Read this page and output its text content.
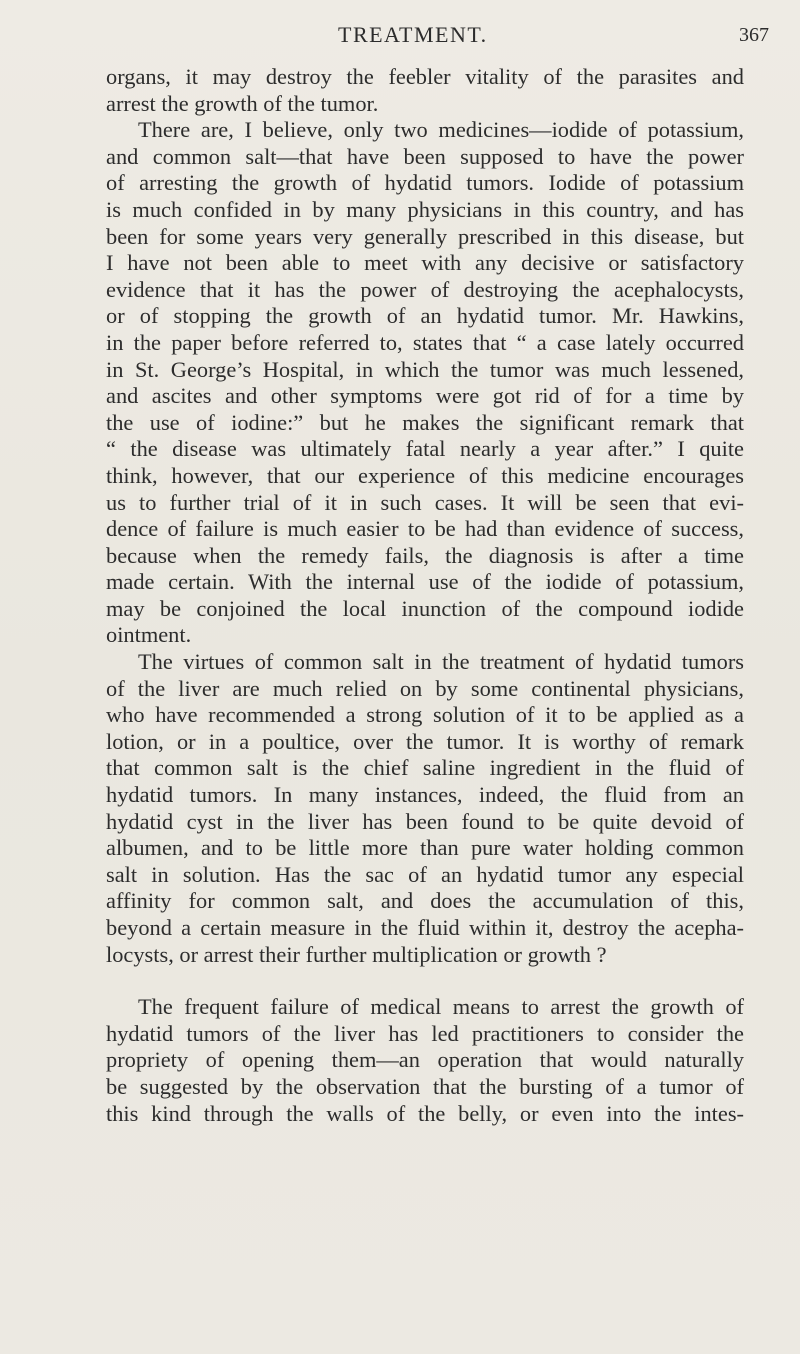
TREATMENT.	367
organs, it may destroy the feebler vitality of the parasites and
arrest the growth of the tumor.
There are, I believe, only two medicines—iodide of potassium,
and common salt—that have been supposed to have the power
of arresting the growth of hydatid tumors. Iodide of potassium
is much confided in by many physicians in this country, and has
been for some years very generally prescribed in this disease, but
I have not been able to meet with any decisive or satisfactory
evidence that it has the power of destroying the acephalocysts,
or of stopping the growth of an hydatid tumor. Mr. Hawkins,
in the paper before referred to, states that “ a case lately occurred
in St. George’s Hospital, in which the tumor was much lessened,
and ascites and other symptoms were got rid of for a time by
the use of iodine:” but he makes the significant remark that
“ the disease was ultimately fatal nearly a year after.” I quite
think, however, that our experience of this medicine encourages
us to further trial of it in such cases. It will be seen that evi-
dence of failure is much easier to be had than evidence of success,
because when the remedy fails, the diagnosis is after a time
made certain. With the internal use of the iodide of potassium,
may be conjoined the local inunction of the compound iodide
ointment.
The virtues of common salt in the treatment of hydatid tumors
of the liver are much relied on by some continental physicians,
who have recommended a strong solution of it to be applied as a
lotion, or in a poultice, over the tumor. It is worthy of remark
that common salt is the chief saline ingredient in the fluid of
hydatid tumors. In many instances, indeed, the fluid from an
hydatid cyst in the liver has been found to be quite devoid of
albumen, and to be little more than pure water holding common
salt in solution. Has the sac of an hydatid tumor any especial
affinity for common salt, and does the accumulation of this,
beyond a certain measure in the fluid within it, destroy the acepha-
locysts, or arrest their further multiplication or growth ?
The frequent failure of medical means to arrest the growth of
hydatid tumors of the liver has led practitioners to consider the
propriety of opening them—an operation that would naturally
be suggested by the observation that the bursting of a tumor of
this kind through the walls of the belly, or even into the intes-
